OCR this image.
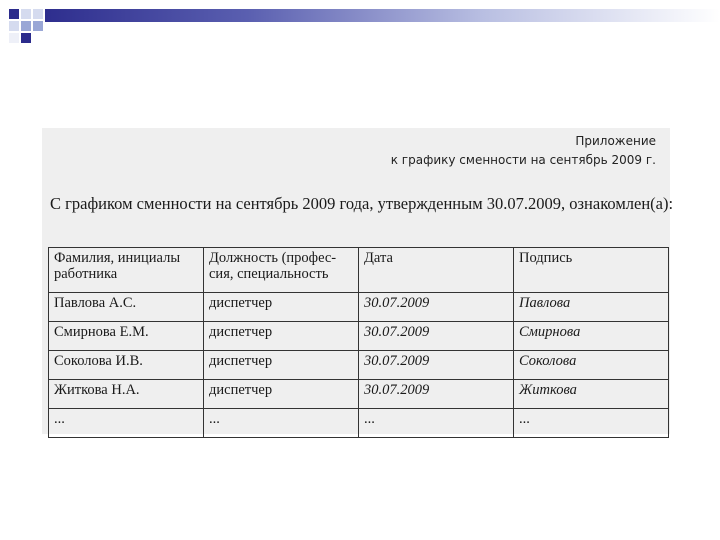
Приложение
к графику сменности на сентябрь 2009 г.
С графиком сменности на сентябрь 2009 года, утвержденным 30.07.2009, ознакомлен(а):
Фамилия, инициалы работника	Должность (профес- сия, специальность	Дата	Подпись
Павлова А.С.	диспетчер	30.07.2009	Павлова
Смирнова Е.М.	диспетчер	30.07.2009	Смирнова
Соколова И.В.	диспетчер	30.07.2009	Соколова
Житкова Н.А.	диспетчер	30.07.2009	Житкова
...	...	...	...
